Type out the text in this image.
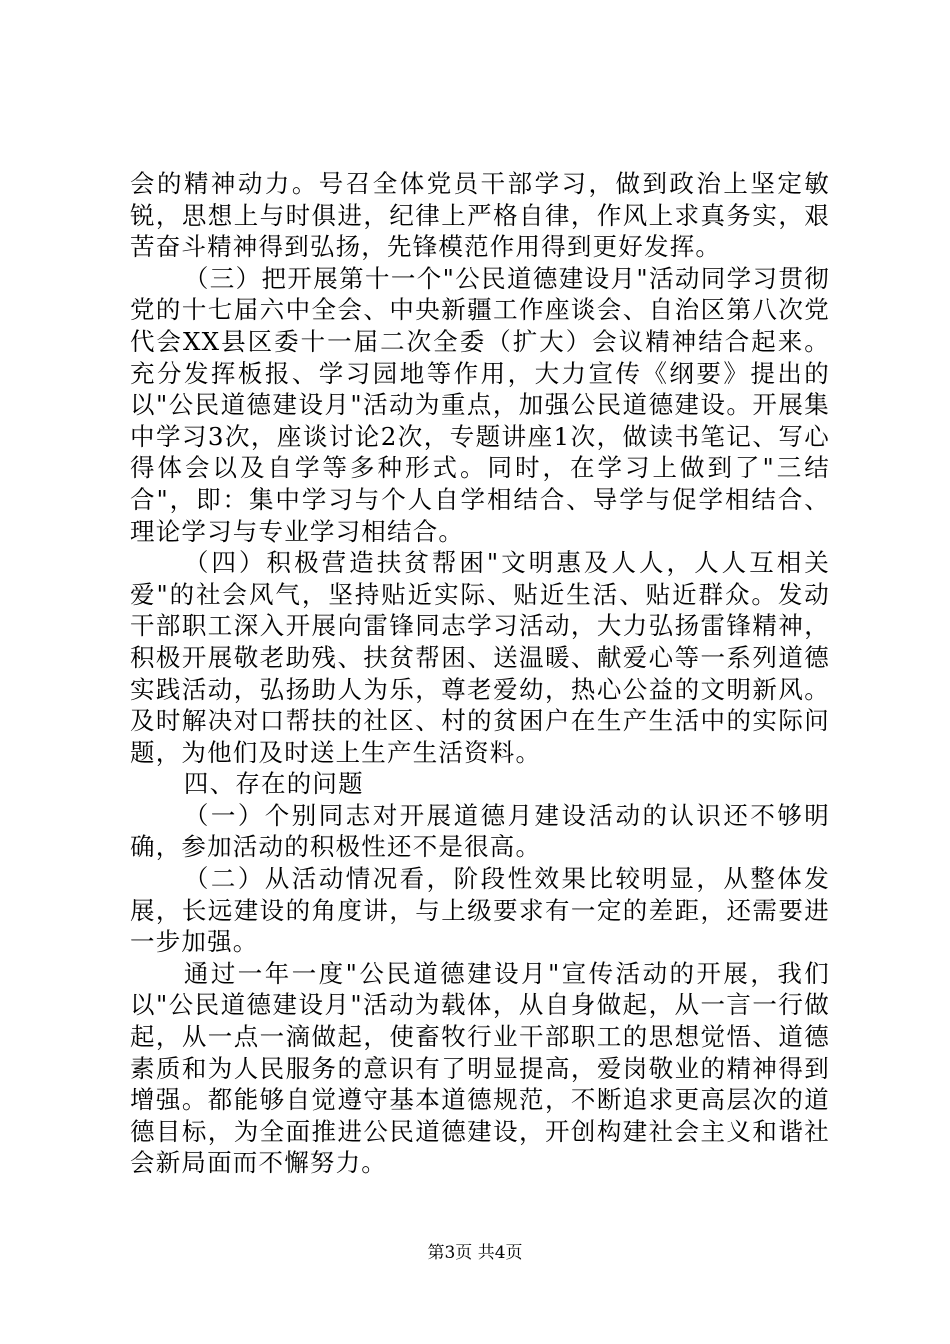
会的精神动力。号召全体党员干部学习，做到政治上坚定敏锐，思想上与时俱进，纪律上严格自律，作风上求真务实，艰苦奋斗精神得到弘扬，先锋模范作用得到更好发挥。

（三）把开展第十一个"公民道德建设月"活动同学习贯彻党的十七届六中全会、中央新疆工作座谈会、自治区第八次党代会XX县区委十一届二次全委（扩大）会议精神结合起来。充分发挥板报、学习园地等作用，大力宣传《纲要》提出的以"公民道德建设月"活动为重点，加强公民道德建设。开展集中学习3次，座谈讨论2次，专题讲座1次，做读书笔记、写心得体会以及自学等多种形式。同时，在学习上做到了"三结合"，即：集中学习与个人自学相结合、导学与促学相结合、理论学习与专业学习相结合。

（四）积极营造扶贫帮困"文明惠及人人，人人互相关爱"的社会风气，坚持贴近实际、贴近生活、贴近群众。发动干部职工深入开展向雷锋同志学习活动，大力弘扬雷锋精神，积极开展敬老助残、扶贫帮困、送温暖、献爱心等一系列道德实践活动，弘扬助人为乐，尊老爱幼，热心公益的文明新风。及时解决对口帮扶的社区、村的贫困户在生产生活中的实际问题，为他们及时送上生产生活资料。

四、存在的问题

（一）个别同志对开展道德月建设活动的认识还不够明确，参加活动的积极性还不是很高。

（二）从活动情况看，阶段性效果比较明显，从整体发展，长远建设的角度讲，与上级要求有一定的差距，还需要进一步加强。

通过一年一度"公民道德建设月"宣传活动的开展，我们以"公民道德建设月"活动为载体，从自身做起，从一言一行做起，从一点一滴做起，使畜牧行业干部职工的思想觉悟、道德素质和为人民服务的意识有了明显提高，爱岗敬业的精神得到增强。都能够自觉遵守基本道德规范，不断追求更高层次的道德目标，为全面推进公民道德建设，开创构建社会主义和谐社会新局面而不懈努力。

第3页 共4页
